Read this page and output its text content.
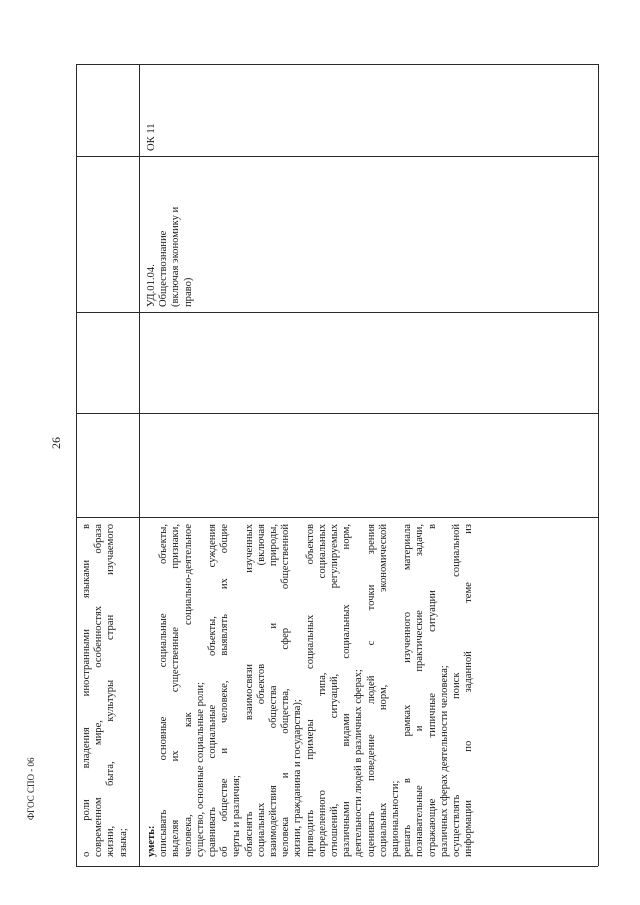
26
ФГОС СПО - 06	о роли владения иностранными языками в современном мире, особенностях образа жизни, быта, культуры стран изучаемого языка; уметь: описывать основные социальные объекты, выделяя их существенные признаки, человека, как социально-деятельное существо, основные социальные роли; сравнивать социальные объекты, суждения об обществе и человеке, выявлять их общие черты и различия; объяснять взаимосвязи изученных социальных объектов (включая взаимодействия общества и природы, человека и общества, сфер общественной жизни, гражданина и государства); приводить примеры социальных объектов определенного типа, социальных отношений, ситуаций, регулируемых различными видами социальных норм, деятельности людей в различных сферах; оценивать поведение людей с точки зрения социальных норм, экономической рациональности; решать в рамках изученного материала познавательные и практические задачи, отражающие типичные ситуации в различных сферах деятельности человека; осуществлять поиск социальной информации по заданной теме из
УД.01.04. Обществознание (включая экономику и право)
ОК 11
